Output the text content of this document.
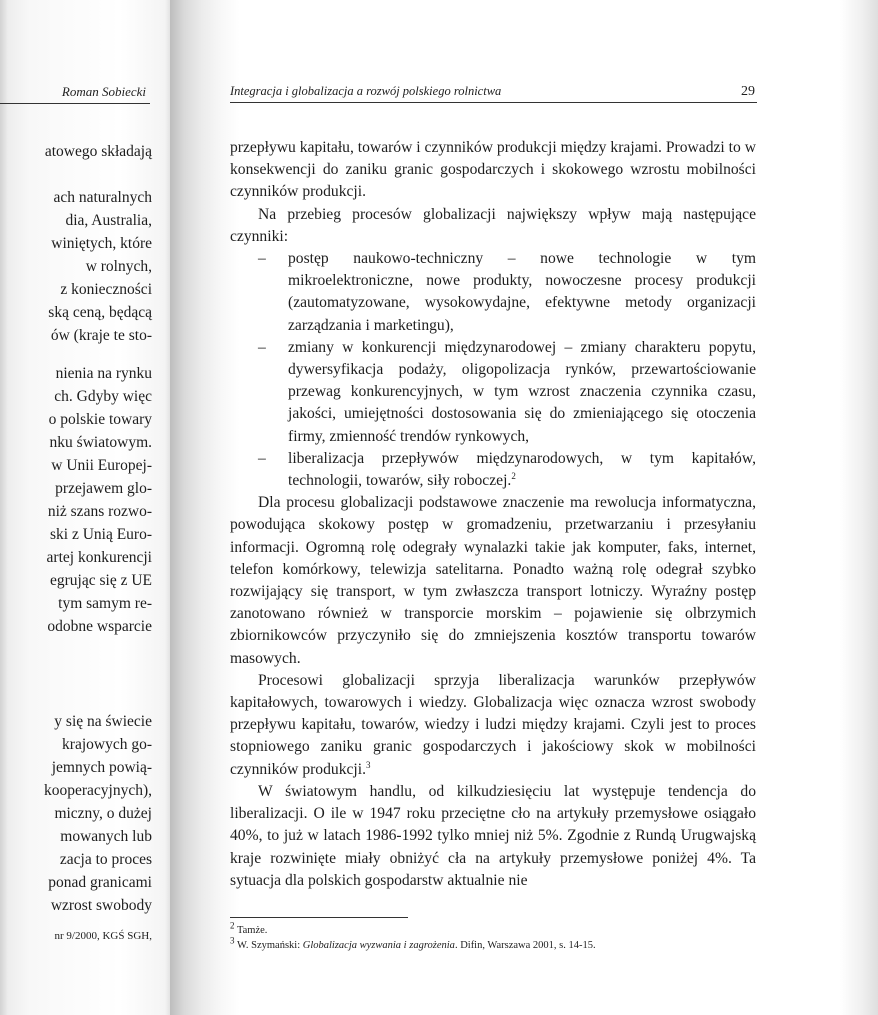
Roman Sobiecki
atowego składają
ach naturalnych
dia, Australia,
winiętych, które
w rolnych,
z konieczności
ską ceną, będącą
ów (kraje te sto-
nienia na rynku
ch. Gdyby więc
o polskie towary
nku światowym.
w Unii Europej-
przejawem glo-
niż szans rozwo-
ski z Unią Euro-
artej konkurencji
egrując się z UE
tym samym re-
odobne wsparcie
y się na świecie
krajowych go-
jemnych powią-
kooperacyjnych),
miczny, o dużej
mowanych lub
zacja to proces
ponad granicami
wzrost swobody
nr 9/2000, KGŚ SGH,
Integracja i globalizacja a rozwój polskiego rolnictwa	29

przepływu kapitału, towarów i czynników produkcji między krajami. Prowadzi to w konsekwencji do zaniku granic gospodarczych i skokowego wzrostu mobilności czynników produkcji.

Na przebieg procesów globalizacji największy wpływ mają następujące czynniki:

– postęp naukowo-techniczny – nowe technologie w tym mikroelektroniczne, nowe produkty, nowoczesne procesy produkcji (zautomatyzowane, wysokowydajne, efektywne metody organizacji zarządzania i marketingu),
– zmiany w konkurencji międzynarodowej – zmiany charakteru popytu, dywersyfikacja podaży, oligopolizacja rynków, przewartościowanie przewag konkurencyjnych, w tym wzrost znaczenia czynnika czasu, jakości, umiejętności dostosowania się do zmieniającego się otoczenia firmy, zmienność trendów rynkowych,
– liberalizacja przepływów międzynarodowych, w tym kapitałów, technologii, towarów, siły roboczej.$^2$

Dla procesu globalizacji podstawowe znaczenie ma rewolucja informatyczna, powodująca skokowy postęp w gromadzeniu, przetwarzaniu i przesyłaniu informacji. Ogromną rolę odegrały wynalazki takie jak komputer, faks, internet, telefon komórkowy, telewizja satelitarna. Ponadto ważną rolę odegrał szybko rozwijający się transport, w tym zwłaszcza transport lotniczy. Wyraźny postęp zanotowano również w transporcie morskim – pojawienie się olbrzymich zbiornikowców przyczyniło się do zmniejszenia kosztów transportu towarów masowych.

Procesowi globalizacji sprzyja liberalizacja warunków przepływów kapitałowych, towarowych i wiedzy. Globalizacja więc oznacza wzrost swobody przepływu kapitału, towarów, wiedzy i ludzi między krajami. Czyli jest to proces stopniowego zaniku granic gospodarczych i jakościowy skok w mobilności czynników produkcji.$^3$

W światowym handlu, od kilkudziesięciu lat występuje tendencja do liberalizacji. O ile w 1947 roku przeciętne cło na artykuły przemysłowe osiągało 40%, to już w latach 1986-1992 tylko mniej niż 5%. Zgodnie z Rundą Urugwajską kraje rozwinięte miały obniżyć cła na artykuły przemysłowe poniżej 4%. Ta sytuacja dla polskich gospodarstw aktualnie nie

$^2$ Tamże.
$^3$ W. Szymański: Globalizacja wyzwania i zagrożenia. Difin, Warszawa 2001, s. 14-15.
